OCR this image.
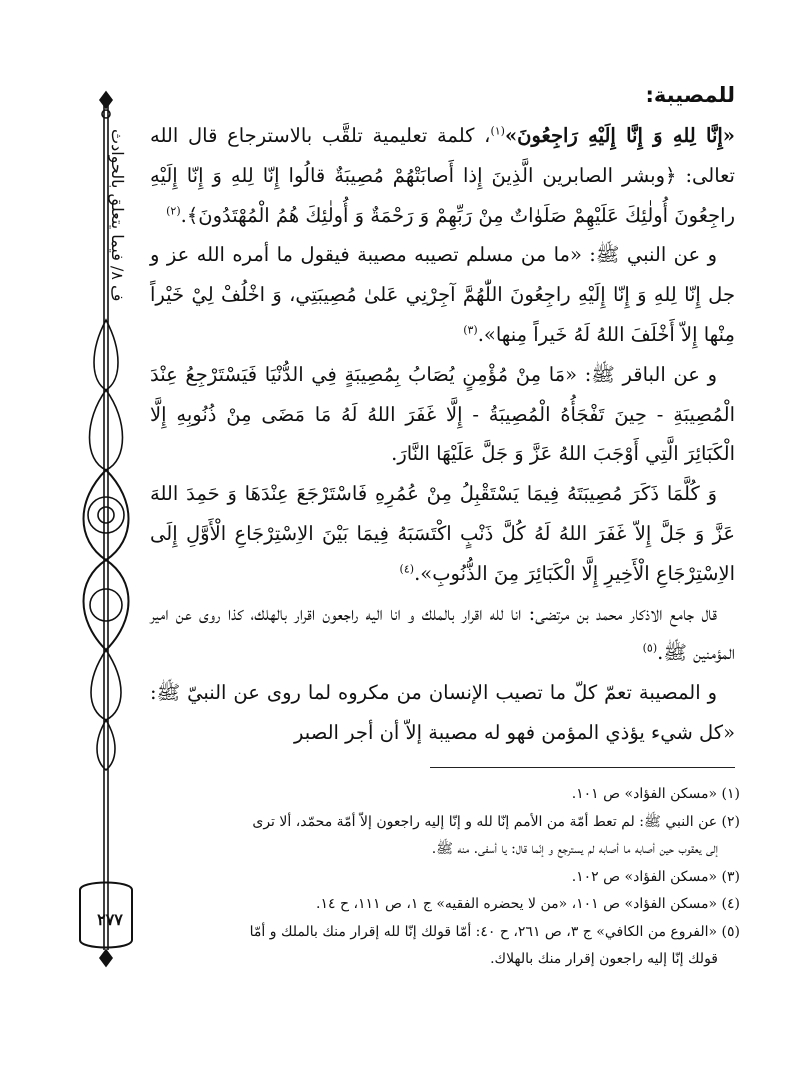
ف ٨/ فيما يتعلق بالحوادث
٢٧٧
للمصيبة:

«إِنَّا لِلهِ وَ إِنَّا إِلَيْهِ رَاجِعُونَ»$^{(١)}$، كلمة تعليمية تلقَّب بالاسترجاع قال الله تعالى: ﴿وبشر الصابرين الَّذِينَ إِذا أَصابَتْهُمْ مُصِيبَةٌ قالُوا إِنّا لِلهِ وَ إِنّا إِلَيْهِ راجِعُونَ أُولٰئِكَ عَلَيْهِمْ صَلَوٰاتٌ مِنْ رَبِّهِمْ وَ رَحْمَةٌ وَ أُولٰئِكَ هُمُ الْمُهْتَدُونَ﴾.$^{(٢)}$

و عن النبي ﷺ: «ما من مسلم تصيبه مصيبة فيقول ما أمره الله عز و جل إِنّا لِلهِ وَ إِنّا إِلَيْهِ راجِعُونَ اللّٰهُمَّ آجِرْنِي عَلىٰ مُصِيبَتِي، وَ اخْلُفْ لِيْ خَيْراً مِنْها إِلاّ أَخْلَفَ اللهُ لَهُ خَيراً مِنها».$^{(٣)}$

و عن الباقر ﷺ: «مَا مِنْ مُؤْمِنٍ يُصَابُ بِمُصِيبَةٍ فِي الدُّنْيَا فَيَسْتَرْجِعُ عِنْدَ الْمُصِيبَةِ - حِينَ تَفْجَأُهُ الْمُصِيبَةُ - إِلَّا غَفَرَ اللهُ لَهُ مَا مَضَى مِنْ ذُنُوبِهِ إِلَّا الْكَبَائِرَ الَّتِي أَوْجَبَ اللهُ عَزَّ وَ جَلَّ عَلَيْهَا النَّارَ.

وَ كُلَّمَا ذَكَرَ مُصِيبَتَهُ فِيمَا يَسْتَقْبِلُ مِنْ عُمُرِهِ فَاسْتَرْجَعَ عِنْدَهَا وَ حَمِدَ اللهَ عَزَّ وَ جَلَّ إِلاّ غَفَرَ اللهُ لَهُ كُلَّ ذَنْبٍ اكْتَسَبَهُ فِيمَا بَيْنَ الاِسْتِرْجَاعِ الْأَوَّلِ إِلَى الاِسْتِرْجَاعِ الْأَخِيرِ إِلَّا الْكَبَائِرَ مِنَ الذُّنُوبِ».$^{(٤)}$

قال جامع الاذكار محمد بن مرتضى: انا لله اقرار بالملك و انا اليه راجعون اقرار بالهلك، كذا روى عن امير المؤمنين ﷺ.$^{(٥)}$

و المصيبة تعمّ كلّ ما تصيب الإنسان من مكروه لما روى عن النبيّ ﷺ: «كل شيء يؤذي المؤمن فهو له مصيبة إلاّ أن أجر الصبر

(١) «مسكن الفؤاد» ص ١٠١.

(٢) عن النبي ﷺ: لم تعط أمّة من الأمم إنّا لله و إنّا إليه راجعون إلاّ أمّة محمّد، ألا ترى
إلى يعقوب حين أصابه ما أصابه لم يسترجع و إنّما قال: يا أسفى. منه ﷺ.

(٣) «مسكن الفؤاد» ص ١٠٢.

(٤) «مسكن الفؤاد» ص ١٠١، «من لا يحضره الفقيه» ج ١، ص ١١١، ح ١٤.

(٥) «الفروع من الكافي» ج ٣، ص ٢٦١، ح ٤٠: أمّا قولك إنّا لله إقرار منك بالملك و أمّا
قولك إنّا إليه راجعون إقرار منك بالهلاك.
